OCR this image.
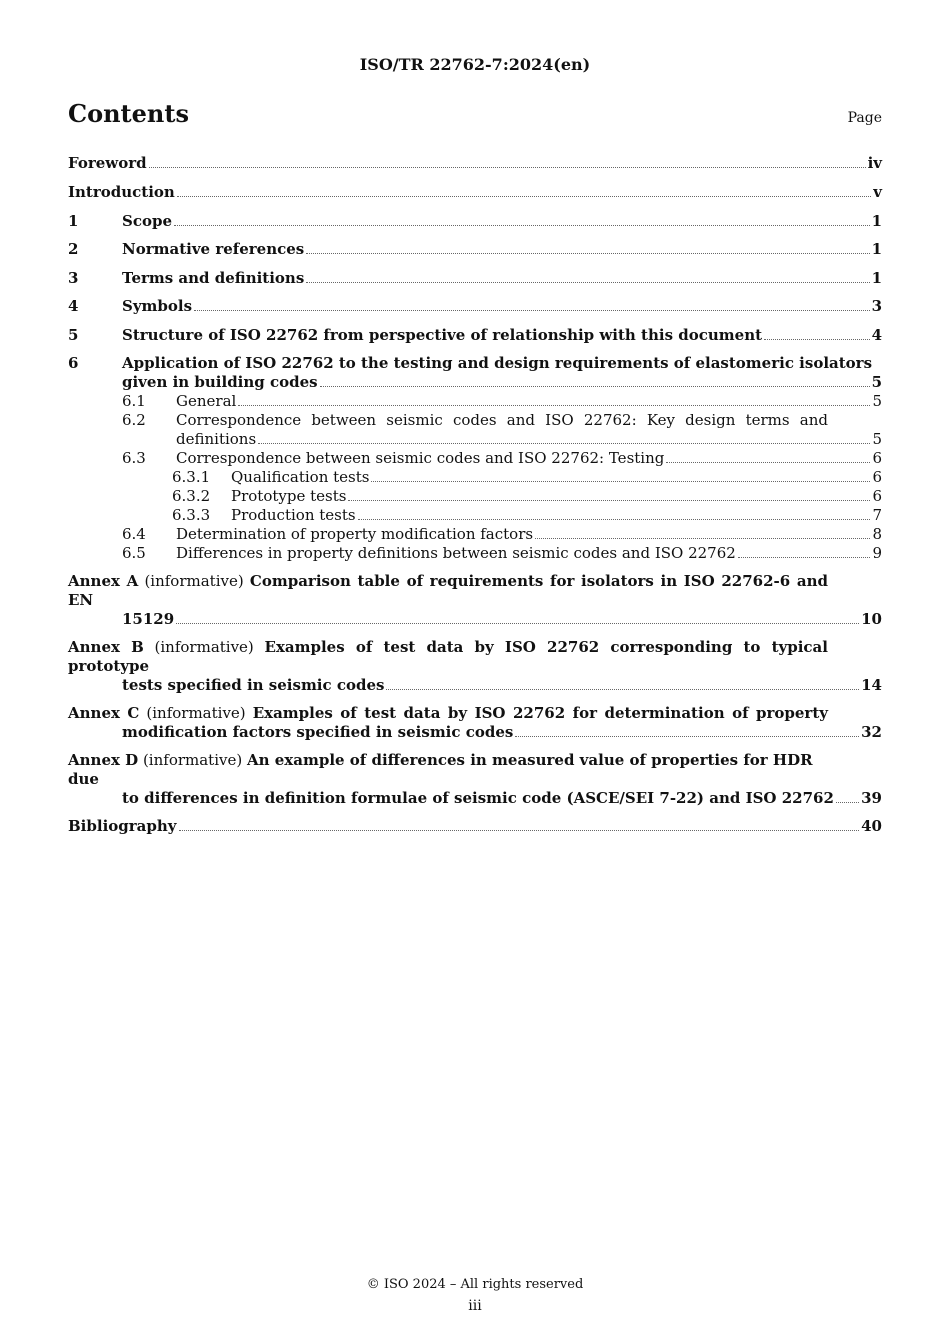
ISO/TR 22762-7:2024(en)
Contents	Page
Foreword	iv
Introduction	v
1	Scope	1
2	Normative references	1
3	Terms and definitions	1
4	Symbols	3
5	Structure of ISO 22762 from perspective of relationship with this document	4
6	Application of ISO 22762 to the testing and design requirements of elastomeric isolators
given in building codes	5
6.1	General	5
6.2	Correspondence between seismic codes and ISO 22762: Key design terms and
definitions	5
6.3	Correspondence between seismic codes and ISO 22762: Testing	6
6.3.1	Qualification tests	6
6.3.2	Prototype tests	6
6.3.3	Production tests	7
6.4	Determination of property modification factors	8
6.5	Differences in property definitions between seismic codes and ISO 22762	9
Annex A (informative) Comparison table of requirements for isolators in ISO 22762-6 and EN
15129	10
Annex B (informative) Examples of test data by ISO 22762 corresponding to typical prototype
tests specified in seismic codes	14
Annex C (informative) Examples of test data by ISO 22762 for determination of property
modification factors specified in seismic codes	32
Annex D (informative) An example of differences in measured value of properties for HDR due
to differences in definition formulae of seismic code (ASCE/SEI 7-22) and ISO 22762 39
Bibliography	40
© ISO 2024 – All rights reserved
iii
